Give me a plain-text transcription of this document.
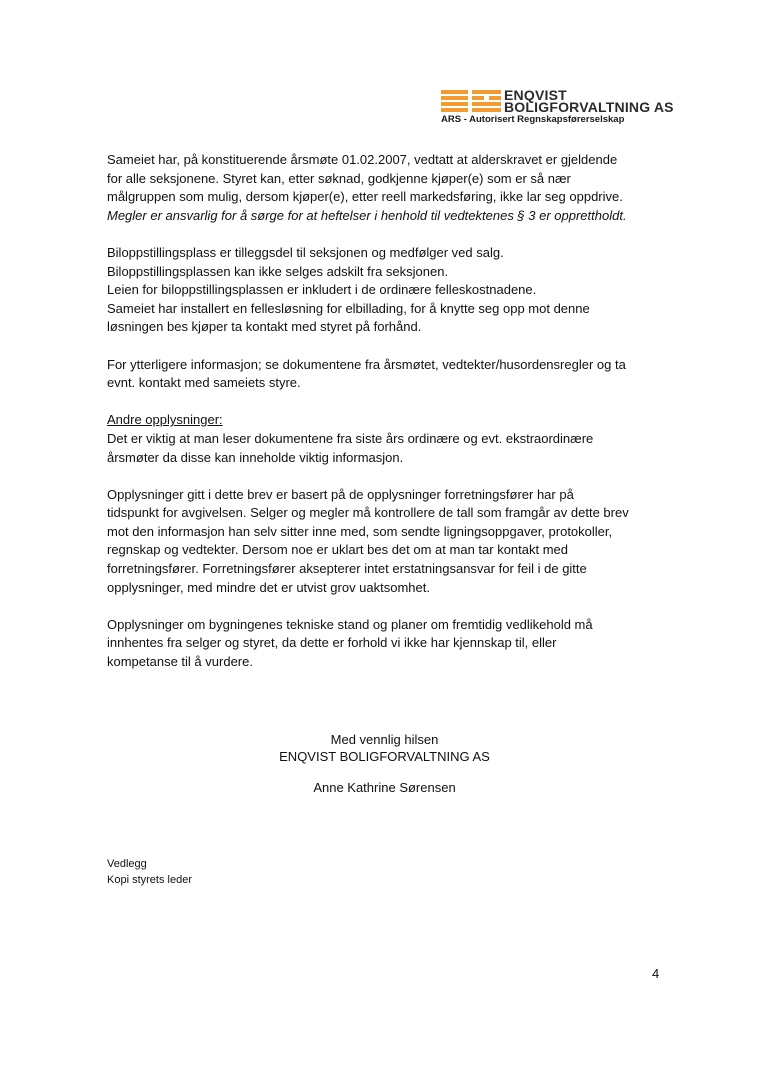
ENQVIST
BOLIGFORVALTNING AS
ARS - Autorisert Regnskapsførerselskap
Sameiet har, på konstituerende årsmøte 01.02.2007, vedtatt at alderskravet er gjeldende
for alle seksjonene. Styret kan, etter søknad, godkjenne kjøper(e) som er så nær
målgruppen som mulig, dersom kjøper(e), etter reell markedsføring, ikke lar seg oppdrive.
Megler er ansvarlig for å sørge for at heftelser i henhold til vedtektenes § 3 er opprettholdt.
Biloppstillingsplass er tilleggsdel til seksjonen og medfølger ved salg.
Biloppstillingsplassen kan ikke selges adskilt fra seksjonen.
Leien for biloppstillingsplassen er inkludert i de ordinære felleskostnadene.
Sameiet har installert en fellesløsning for elbillading, for å knytte seg opp mot denne
løsningen bes kjøper ta kontakt med styret på forhånd.
For ytterligere informasjon; se dokumentene fra årsmøtet, vedtekter/husordensregler og ta
evnt. kontakt med sameiets styre.
Andre opplysninger:
Det er viktig at man leser dokumentene fra siste års ordinære og evt. ekstraordinære
årsmøter da disse kan inneholde viktig informasjon.
Opplysninger gitt i dette brev er basert på de opplysninger forretningsfører har på
tidspunkt for avgivelsen. Selger og megler må kontrollere de tall som framgår av dette brev
mot den informasjon han selv sitter inne med, som sendte ligningsoppgaver, protokoller,
regnskap og vedtekter. Dersom noe er uklart bes det om at man tar kontakt med
forretningsfører. Forretningsfører aksepterer intet erstatningsansvar for feil i de gitte
opplysninger, med mindre det er utvist grov uaktsomhet.
Opplysninger om bygningenes tekniske stand og planer om fremtidig vedlikehold må
innhentes fra selger og styret, da dette er forhold vi ikke har kjennskap til, eller
kompetanse til å vurdere.
Med vennlig hilsen
ENQVIST BOLIGFORVALTNING AS
Anne Kathrine Sørensen
Vedlegg
Kopi styrets leder
4
